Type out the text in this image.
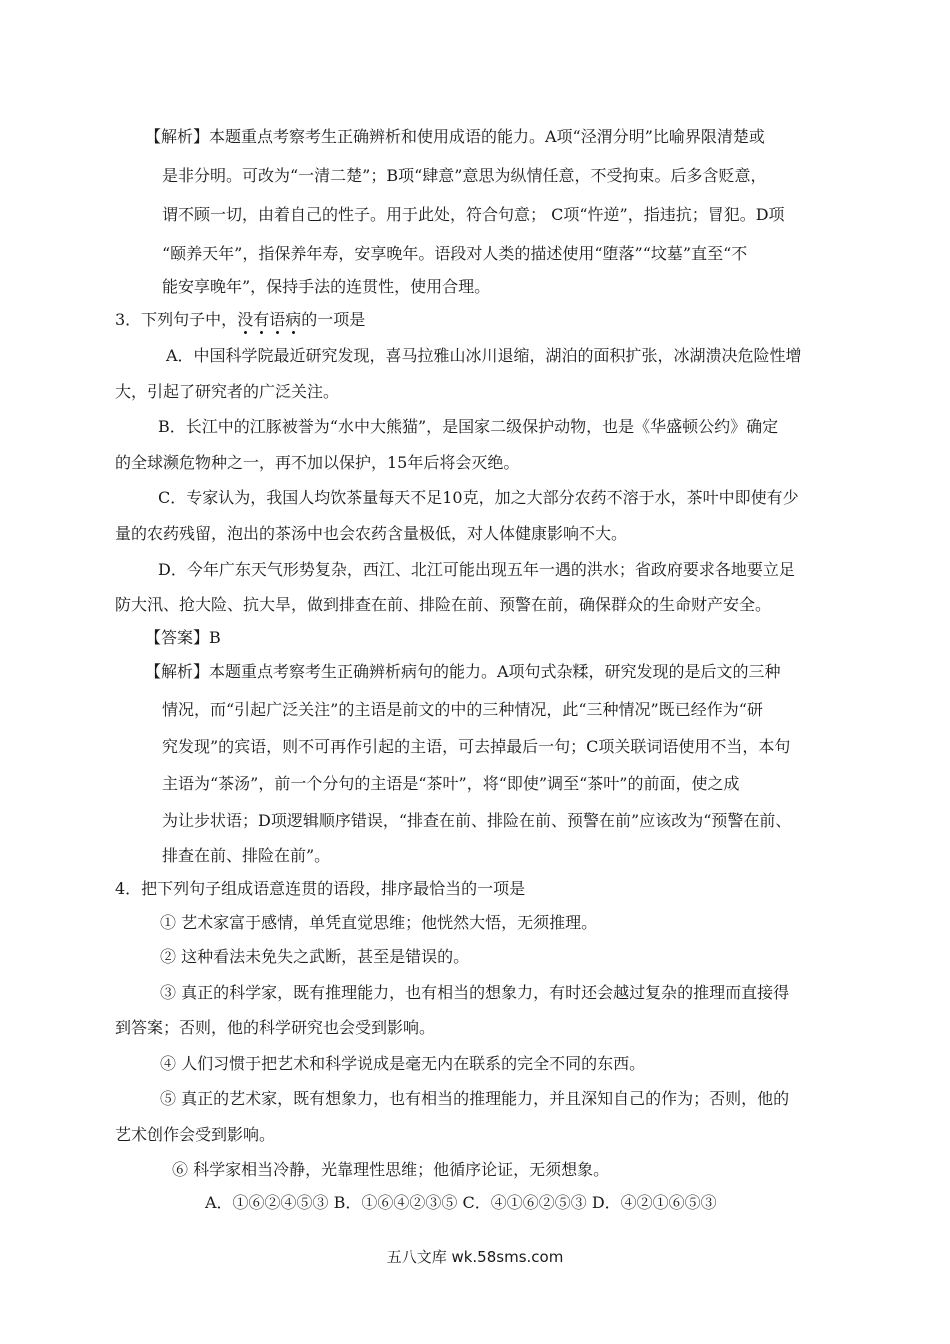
【解析】本题重点考察考生正确辨析和使用成语的能力。A项“泾渭分明”比喻界限清楚或
是非分明。可改为“一清二楚”；B项“肆意”意思为纵情任意，不受拘束。后多含贬意，
谓不顾一切，由着自己的性子。用于此处，符合句意； C项“忤逆”，指违抗；冒犯。D项
“颐养天年”，指保养年寿，安享晚年。语段对人类的描述使用“堕落”“坟墓”直至“不
能安享晚年”，保持手法的连贯性，使用合理。
3．下列句子中，没有语病的一项是
A．中国科学院最近研究发现，喜马拉雅山冰川退缩，湖泊的面积扩张，冰湖溃决危险性增
大，引起了研究者的广泛关注。
B．长江中的江豚被誉为“水中大熊猫”，是国家二级保护动物，也是《华盛顿公约》确定
的全球濒危物种之一，再不加以保护，15年后将会灭绝。
C．专家认为，我国人均饮茶量每天不足10克，加之大部分农药不溶于水，茶叶中即使有少
量的农药残留，泡出的茶汤中也会农药含量极低，对人体健康影响不大。
D．今年广东天气形势复杂，西江、北江可能出现五年一遇的洪水；省政府要求各地要立足
防大汛、抢大险、抗大旱，做到排查在前、排险在前、预警在前，确保群众的生命财产安全。
【答案】B
【解析】本题重点考察考生正确辨析病句的能力。A项句式杂糅，研究发现的是后文的三种
情况，而“引起广泛关注”的主语是前文的中的三种情况，此“三种情况”既已经作为“研
究发现”的宾语，则不可再作引起的主语，可去掉最后一句；C项关联词语使用不当，本句
主语为“茶汤”，前一个分句的主语是“茶叶”，将“即使”调至“茶叶”的前面，使之成
为让步状语；D项逻辑顺序错误，“排查在前、排险在前、预警在前”应该改为“预警在前、
排查在前、排险在前”。
4．把下列句子组成语意连贯的语段，排序最恰当的一项是
① 艺术家富于感情，单凭直觉思维；他恍然大悟，无须推理。
② 这种看法未免失之武断，甚至是错误的。
③ 真正的科学家，既有推理能力，也有相当的想象力，有时还会越过复杂的推理而直接得
到答案；否则，他的科学研究也会受到影响。
④ 人们习惯于把艺术和科学说成是毫无内在联系的完全不同的东西。
⑤ 真正的艺术家，既有想象力，也有相当的推理能力，并且深知自己的作为；否则，他的
艺术创作会受到影响。
⑥ 科学家相当冷静，光靠理性思维；他循序论证，无须想象。
A．①⑥②④⑤③ B．①⑥④②③⑤ C．④①⑥②⑤③ D．④②①⑥⑤③
五八文库 wk.58sms.com
